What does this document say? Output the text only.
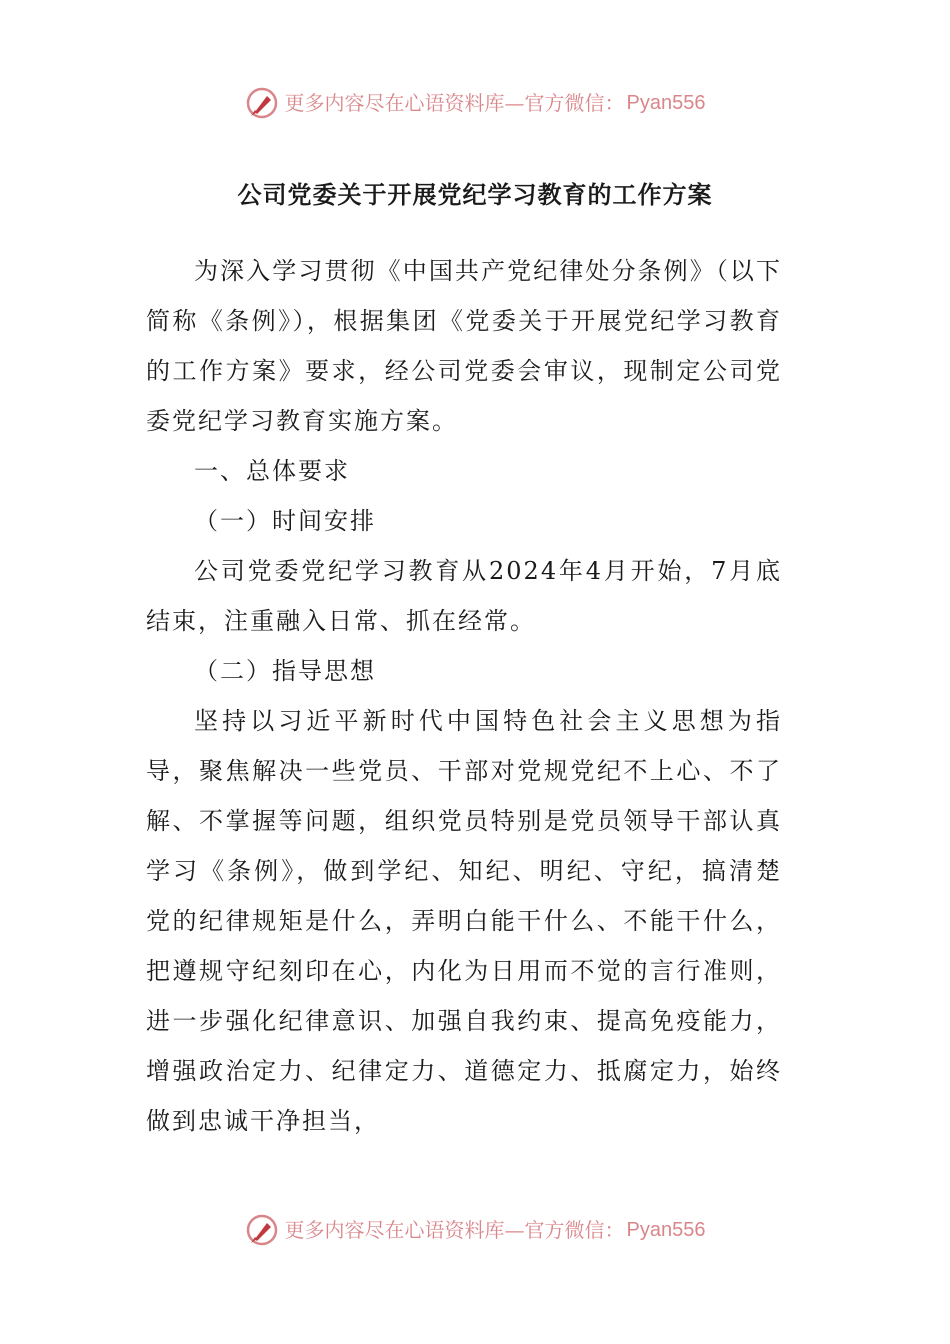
更多内容尽在心语资料库—官方微信： Pyan556
公司党委关于开展党纪学习教育的工作方案

为深入学习贯彻《中国共产党纪律处分条例》（以下简称《条例》），根据集团《党委关于开展党纪学习教育的工作方案》要求，经公司党委会审议，现制定公司党委党纪学习教育实施方案。

一、总体要求

（一）时间安排

公司党委党纪学习教育从2024年4月开始，7月底结束，注重融入日常、抓在经常。

（二）指导思想

坚持以习近平新时代中国特色社会主义思想为指导，聚焦解决一些党员、干部对党规党纪不上心、不了解、不掌握等问题，组织党员特别是党员领导干部认真学习《条例》，做到学纪、知纪、明纪、守纪，搞清楚党的纪律规矩是什么，弄明白能干什么、不能干什么，把遵规守纪刻印在心，内化为日用而不觉的言行准则，进一步强化纪律意识、加强自我约束、提高免疫能力，增强政治定力、纪律定力、道德定力、抵腐定力，始终做到忠诚干净担当，

更多内容尽在心语资料库—官方微信： Pyan556
